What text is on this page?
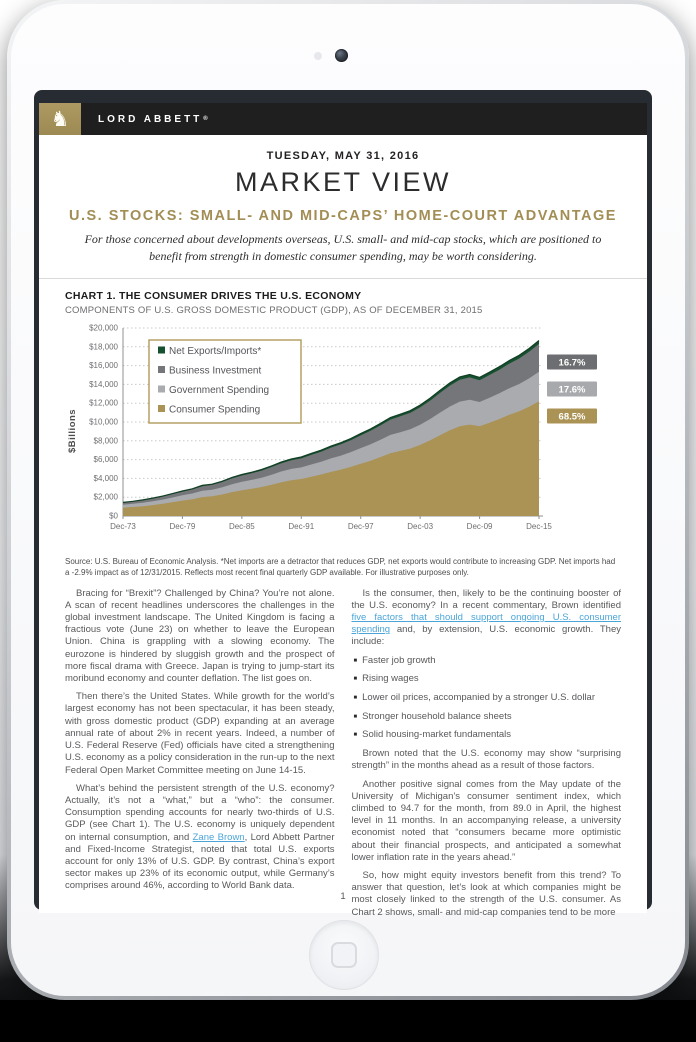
♞	LORD ABBETT ®
TUESDAY, MAY 31, 2016
MARKET VIEW
U.S. STOCKS: SMALL- AND MID-CAPS’ HOME-COURT ADVANTAGE

For those concerned about developments overseas, U.S. small- and mid-cap stocks, which are positioned to benefit from strength in domestic consumer spending, may be worth considering.

CHART 1. THE CONSUMER DRIVES THE U.S. ECONOMY
COMPONENTS OF U.S. GROSS DOMESTIC PRODUCT (GDP), AS OF DECEMBER 31, 2015
$0
$2,000
$4,000
$6,000
$8,000
$10,000
$12,000
$14,000
$16,000
$18,000
$20,000
Dec-73	Dec-79	Dec-85	Dec-91	Dec-97	Dec-03	Dec-09	Dec-15
$Billions
Net Exports/Imports*
Business Investment
Government Spending
Consumer Spending
16.7%
17.6%
68.5%

Source: U.S. Bureau of Economic Analysis. *Net imports are a detractor that reduces GDP, net exports would contribute to increasing GDP. Net imports had a -2.9% impact as of 12/31/2015. Reflects most recent final quarterly GDP available. For illustrative purposes only.

Bracing for “Brexit”? Challenged by China? You’re not alone. A scan of recent headlines underscores the challenges in the global investment landscape. The United Kingdom is facing a fractious vote (June 23) on whether to leave the European Union. China is grappling with a slowing economy. The eurozone is hindered by sluggish growth and the prospect of more fiscal drama with Greece. Japan is trying to jump-start its moribund economy and counter deflation. The list goes on.

Then there’s the United States. While growth for the world’s largest economy has not been spectacular, it has been steady, with gross domestic product (GDP) expanding at an average annual rate of about 2% in recent years. Indeed, a number of U.S. Federal Reserve (Fed) officials have cited a strengthening U.S. economy as a policy consideration in the run-up to the next Federal Open Market Committee meeting on June 14-15.

What’s behind the persistent strength of the U.S. economy? Actually, it’s not a “what,” but a “who”: the consumer. Consumption spending accounts for nearly two-thirds of U.S. GDP (see Chart 1). The U.S. economy is uniquely dependent on internal consumption, and Zane Brown, Lord Abbett Partner and Fixed-Income Strategist, noted that total U.S. exports account for only 13% of U.S. GDP. By contrast, China’s export sector makes up 23% of its economic output, while Germany’s comprises around 46%, according to World Bank data.

Is the consumer, then, likely to be the continuing booster of the U.S. economy? In a recent commentary, Brown identified five factors that should support ongoing U.S. consumer spending and, by extension, U.S. economic growth. They include:

■ Faster job growth
■ Rising wages
■ Lower oil prices, accompanied by a stronger U.S. dollar
■ Stronger household balance sheets
■ Solid housing-market fundamentals

Brown noted that the U.S. economy may show “surprising strength” in the months ahead as a result of those factors.

Another positive signal comes from the May update of the University of Michigan’s consumer sentiment index, which climbed to 94.7 for the month, from 89.0 in April, the highest level in 11 months. In an accompanying release, a university economist noted that “consumers became more optimistic about their financial prospects, and anticipated a somewhat lower inflation rate in the years ahead.”

So, how might equity investors benefit from this trend? To answer that question, let’s look at which companies might be most closely linked to the strength of the U.S. consumer. As Chart 2 shows, small- and mid-cap companies tend to be more

1
